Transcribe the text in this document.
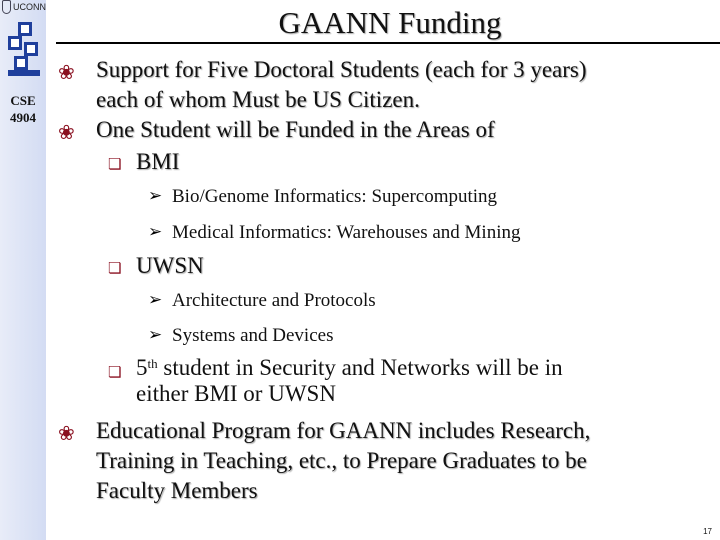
UCONN
CSE
4904
GAANN Funding
❀ Support for Five Doctoral Students (each for 3 years)
each of whom Must be US Citizen.
❀ One Student will be Funded in the Areas of
❏ BMI
➢ Bio/Genome Informatics: Supercomputing
➢ Medical Informatics: Warehouses and Mining
❏ UWSN
➢ Architecture and Protocols
➢ Systems and Devices
❏ 5th student in Security and Networks will be in
either BMI or UWSN
❀ Educational Program for GAANN includes Research,
Training in Teaching, etc., to Prepare Graduates to be
Faculty Members
17
